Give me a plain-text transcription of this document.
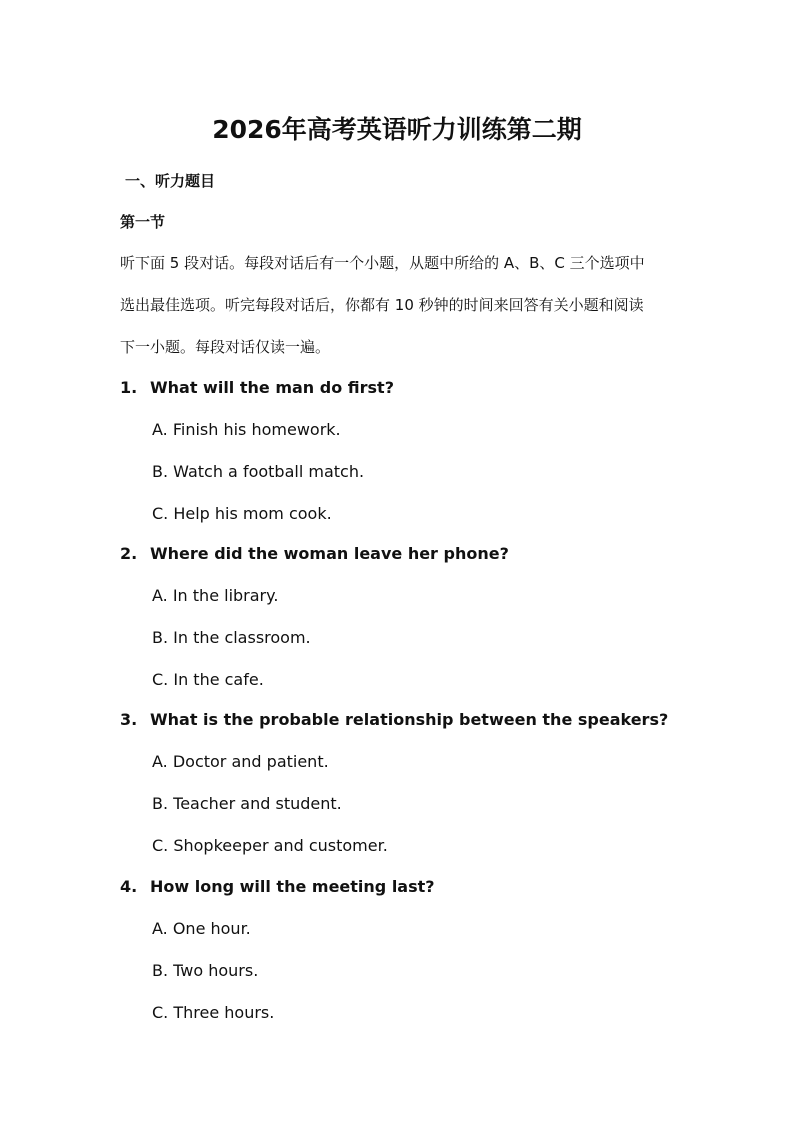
2026年高考英语听力训练第二期
一、听力题目
第一节

听下面 5 段对话。每段对话后有一个小题，从题中所给的 A、B、C 三个选项中
选出最佳选项。听完每段对话后，你都有 10 秒钟的时间来回答有关小题和阅读
下一小题。每段对话仅读一遍。

1. What will the man do first?
A. Finish his homework.
B. Watch a football match.
C. Help his mom cook.
2. Where did the woman leave her phone?
A. In the library.
B. In the classroom.
C. In the cafe.
3. What is the probable relationship between the speakers?
A. Doctor and patient.
B. Teacher and student.
C. Shopkeeper and customer.
4. How long will the meeting last?
A. One hour.
B. Two hours.
C. Three hours.
